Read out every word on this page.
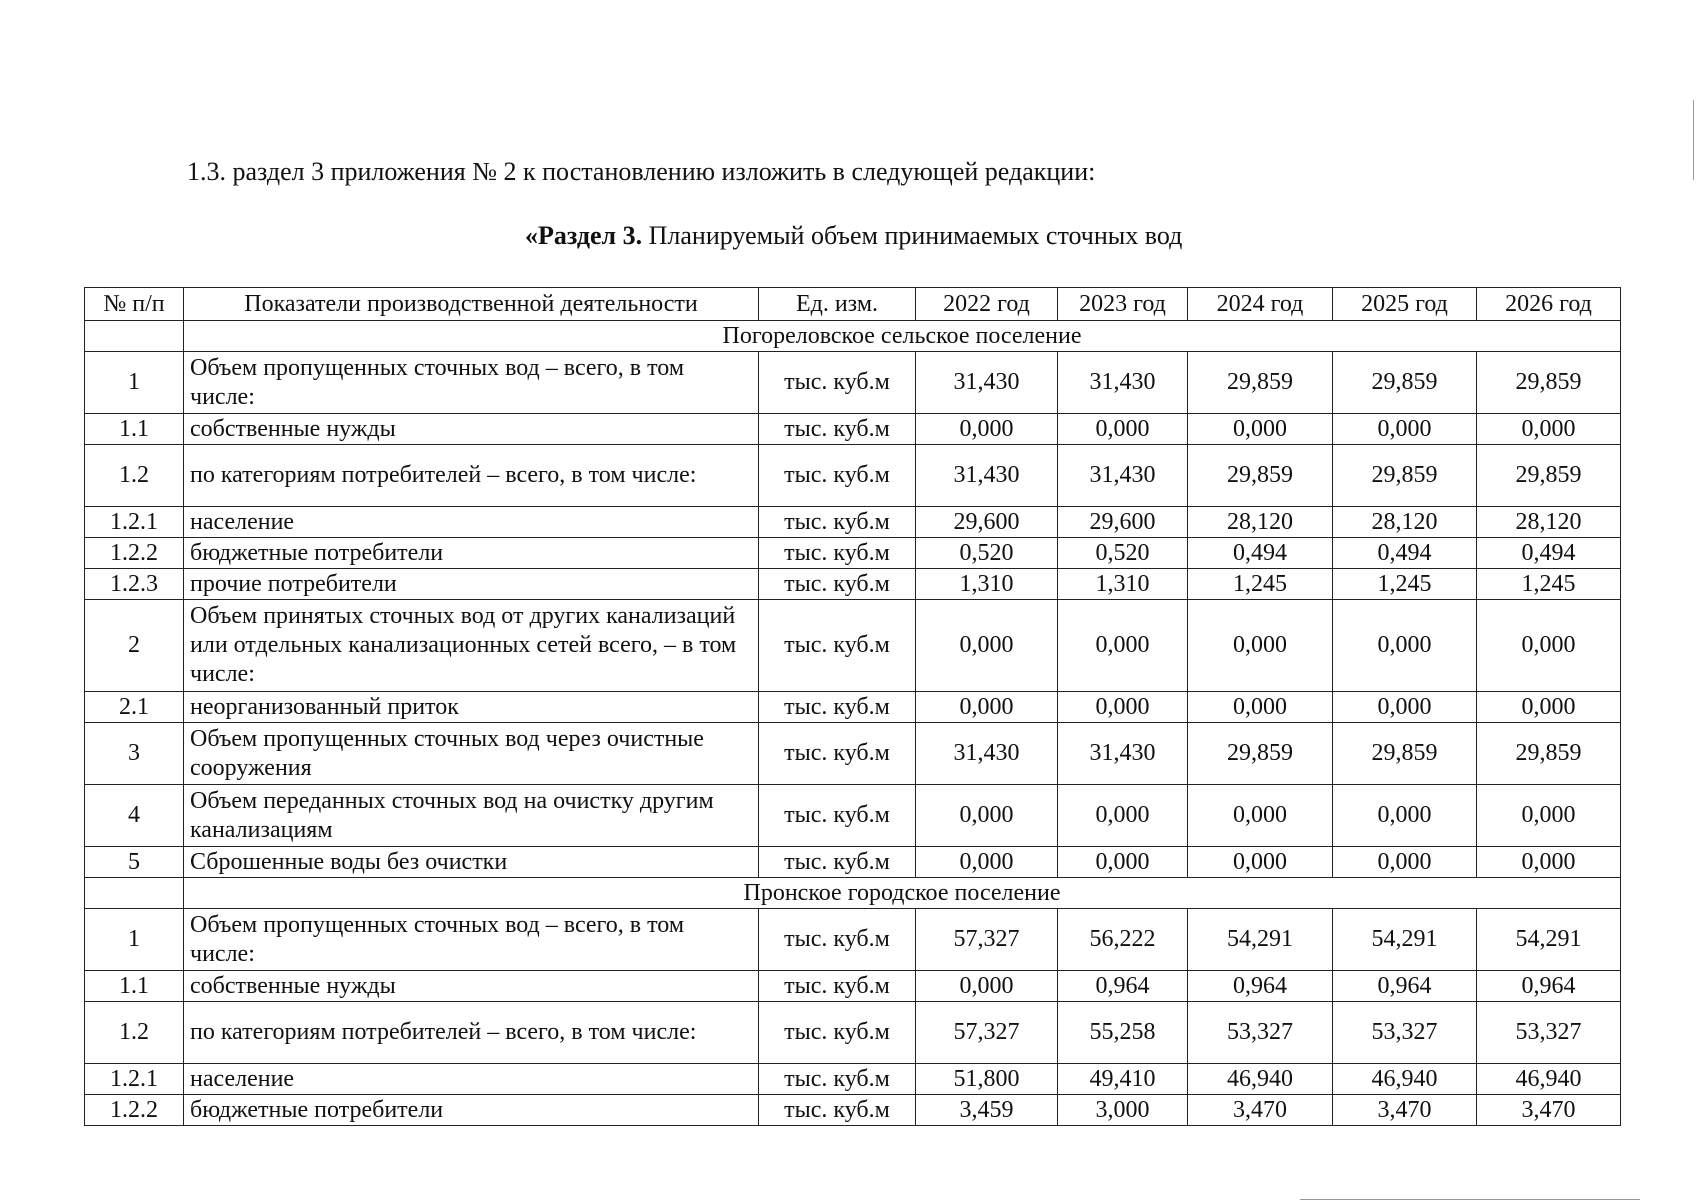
1.3. раздел 3 приложения № 2 к постановлению изложить в следующей редакции:
«Раздел 3. Планируемый объем принимаемых сточных вод
№ п/п	Показатели производственной деятельности	Ед. изм.	2022 год	2023 год	2024 год	2025 год	2026 год
	Погореловское сельское поселение						
1	Объем пропущенных сточных вод – всего, в том числе:	тыс. куб.м	31,430	31,430	29,859	29,859	29,859
1.1	собственные нужды	тыс. куб.м	0,000	0,000	0,000	0,000	0,000
1.2	по категориям потребителей – всего, в том числе:	тыс. куб.м	31,430	31,430	29,859	29,859	29,859
1.2.1	население	тыс. куб.м	29,600	29,600	28,120	28,120	28,120
1.2.2	бюджетные потребители	тыс. куб.м	0,520	0,520	0,494	0,494	0,494
1.2.3	прочие потребители	тыс. куб.м	1,310	1,310	1,245	1,245	1,245
2	Объем принятых сточных вод от других канализаций или отдельных канализационных сетей всего, – в том числе:	тыс. куб.м	0,000	0,000	0,000	0,000	0,000
2.1	неорганизованный приток	тыс. куб.м	0,000	0,000	0,000	0,000	0,000
3	Объем пропущенных сточных вод через очистные сооружения	тыс. куб.м	31,430	31,430	29,859	29,859	29,859
4	Объем переданных сточных вод на очистку другим канализациям	тыс. куб.м	0,000	0,000	0,000	0,000	0,000
5	Сброшенные воды без очистки	тыс. куб.м	0,000	0,000	0,000	0,000	0,000
	Пронское городское поселение						
1	Объем пропущенных сточных вод – всего, в том числе:	тыс. куб.м	57,327	56,222	54,291	54,291	54,291
1.1	собственные нужды	тыс. куб.м	0,000	0,964	0,964	0,964	0,964
1.2	по категориям потребителей – всего, в том числе:	тыс. куб.м	57,327	55,258	53,327	53,327	53,327
1.2.1	население	тыс. куб.м	51,800	49,410	46,940	46,940	46,940
1.2.2	бюджетные потребители	тыс. куб.м	3,459	3,000	3,470	3,470	3,470
